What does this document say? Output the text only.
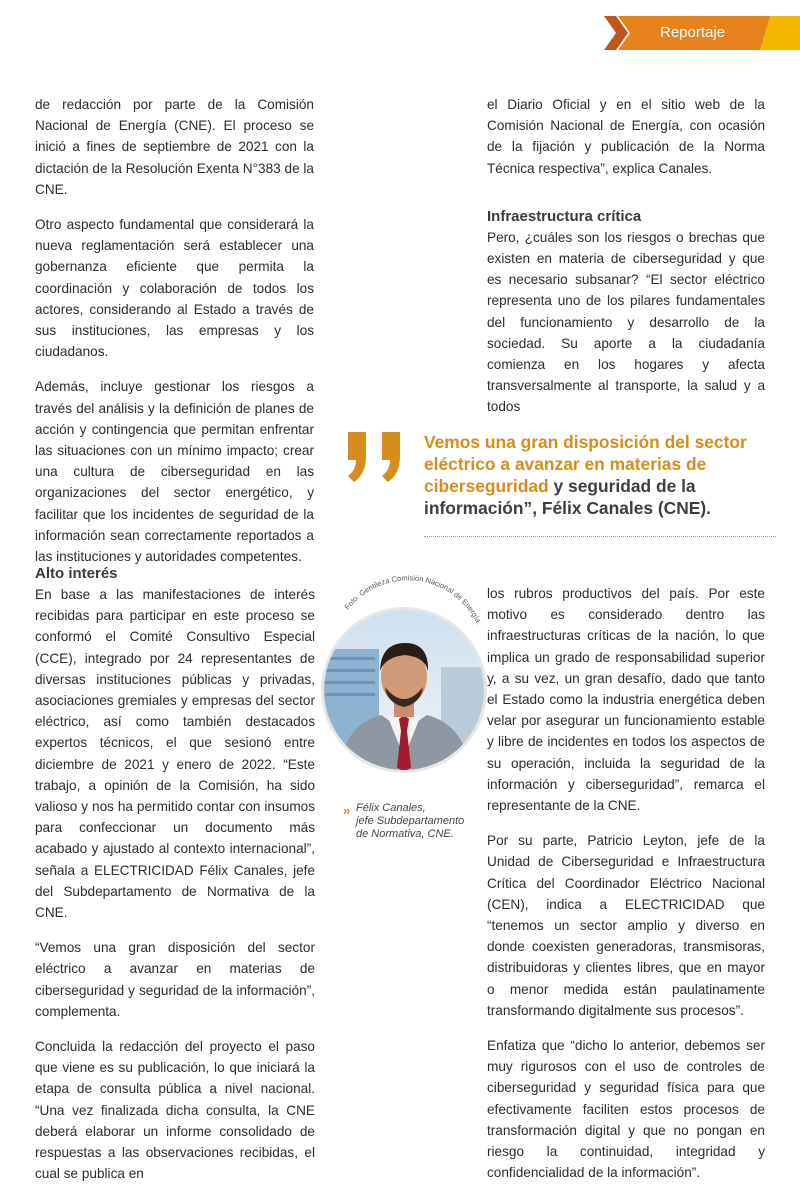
Reportaje

de redacción por parte de la Comisión Nacional de Energía (CNE). El proceso se inició a fines de septiembre de 2021 con la dictación de la Resolución Exenta N°383 de la CNE.

Otro aspecto fundamental que considerará la nueva reglamentación será establecer una gobernanza eficiente que permita la coordinación y colaboración de todos los actores, considerando al Estado a través de sus instituciones, las empresas y los ciudadanos.

Además, incluye gestionar los riesgos a través del análisis y la definición de planes de acción y contingencia que permitan enfrentar las situaciones con un mínimo impacto; crear una cultura de ciberseguridad en las organizaciones del sector energético, y facilitar que los incidentes de seguridad de la información sean correctamente reportados a las instituciones y autoridades competentes.

el Diario Oficial y en el sitio web de la Comisión Nacional de Energía, con ocasión de la fijación y publicación de la Norma Técnica respectiva”, explica Canales.

Infraestructura crítica

Pero, ¿cuáles son los riesgos o brechas que existen en materia de ciberseguridad y que es necesario subsanar? “El sector eléctrico representa uno de los pilares fundamentales del funcionamiento y desarrollo de la sociedad. Su aporte a la ciudadanía comienza en los hogares y afecta transversalmente al transporte, la salud y a todos

Vemos una gran disposición del sector eléctrico a avanzar en materias de ciberseguridad y seguridad de la información”, Félix Canales (CNE).
Alto interés

En base a las manifestaciones de interés recibidas para participar en este proceso se conformó el Comité Consultivo Especial (CCE), integrado por 24 representantes de diversas instituciones públicas y privadas, asociaciones gremiales y empresas del sector eléctrico, así como también destacados expertos técnicos, el que sesionó entre diciembre de 2021 y enero de 2022. “Este trabajo, a opinión de la Comisión, ha sido valioso y nos ha permitido contar con insumos para confeccionar un documento más acabado y ajustado al contexto internacional”, señala a ELECTRICIDAD Félix Canales, jefe del Subdepartamento de Normativa de la CNE.

“Vemos una gran disposición del sector eléctrico a avanzar en materias de ciberseguridad y seguridad de la información”, complementa.

Concluida la redacción del proyecto el paso que viene es su publicación, lo que iniciará la etapa de consulta pública a nivel nacional. “Una vez finalizada dicha consulta, la CNE deberá elaborar un informe consolidado de respuestas a las observaciones recibidas, el cual se publica en

Foto: Gentileza Comisión Nacional de Energía.
» Félix Canales,
jefe Subdepartamento
de Normativa, CNE.

los rubros productivos del país. Por este motivo es considerado dentro las infraestructuras críticas de la nación, lo que implica un grado de responsabilidad superior y, a su vez, un gran desafío, dado que tanto el Estado como la industria energética deben velar por asegurar un funcionamiento estable y libre de incidentes en todos los aspectos de su operación, incluida la seguridad de la información y ciberseguridad”, remarca el representante de la CNE.

Por su parte, Patricio Leyton, jefe de la Unidad de Ciberseguridad e Infraestructura Crítica del Coordinador Eléctrico Nacional (CEN), indica a ELECTRICIDAD que “tenemos un sector amplio y diverso en donde coexisten generadoras, transmisoras, distribuidoras y clientes libres, que en mayor o menor medida están paulatinamente transformando digitalmente sus procesos”.

Enfatiza que “dicho lo anterior, debemos ser muy rigurosos con el uso de controles de ciberseguridad y seguridad física para que efectivamente faciliten estos procesos de transformación digital y que no pongan en riesgo la continuidad, integridad y confidencialidad de la información”.
